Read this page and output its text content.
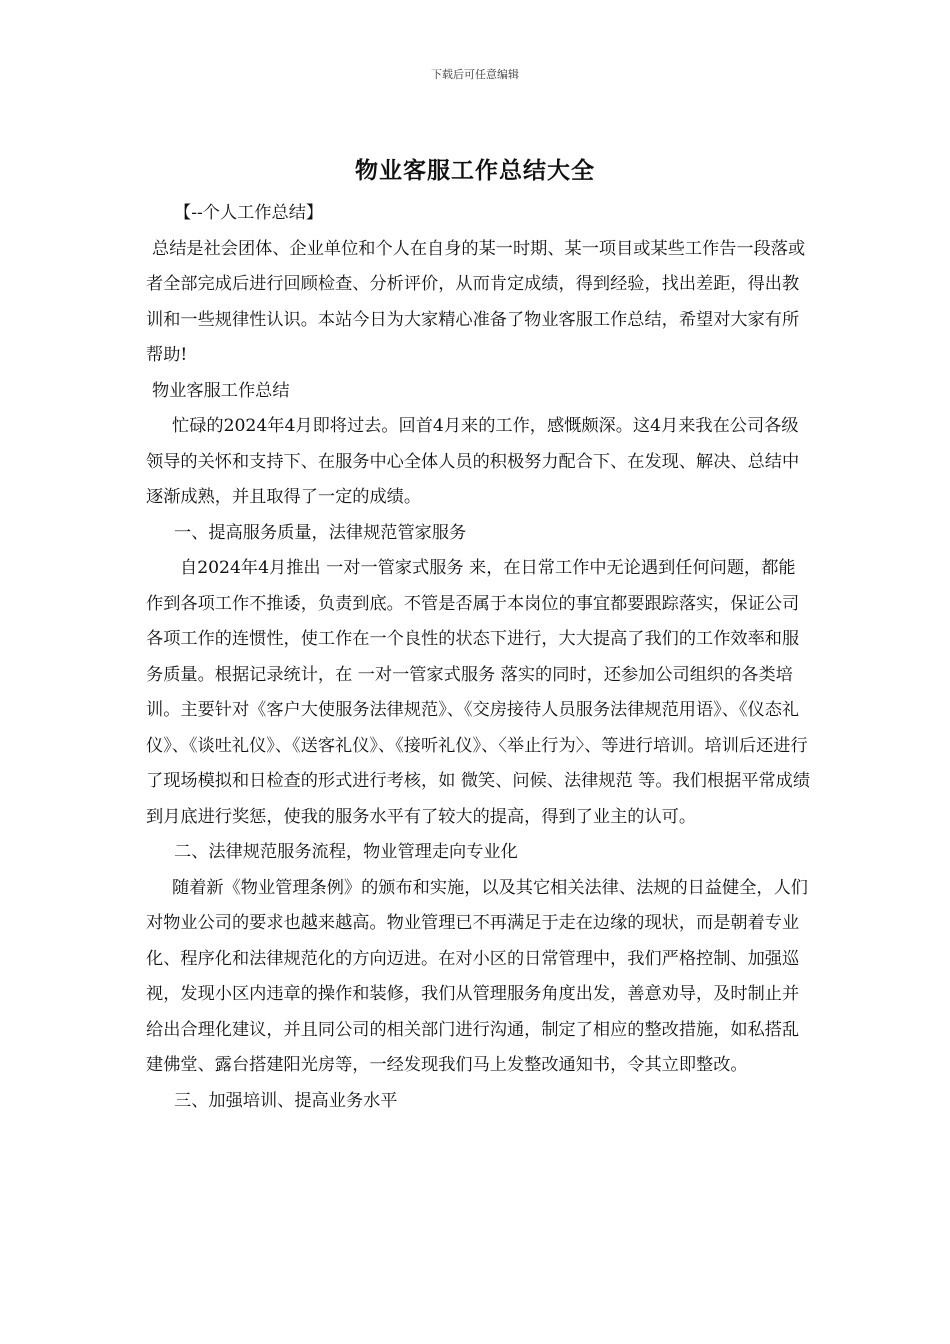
下载后可任意编辑
物业客服工作总结大全

【--个人工作总结】

总结是社会团体、企业单位和个人在自身的某一时期、某一项目或某些工作告一段落或者全部完成后进行回顾检查、分析评价，从而肯定成绩，得到经验，找出差距，得出教训和一些规律性认识。本站今日为大家精心准备了物业客服工作总结，希望对大家有所帮助!

物业客服工作总结

忙碌的2024年4月即将过去。回首4月来的工作，感慨颇深。这4月来我在公司各级领导的关怀和支持下、在服务中心全体人员的积极努力配合下、在发现、解决、总结中逐渐成熟，并且取得了一定的成绩。

一、提高服务质量，法律规范管家服务

自2024年4月推出 一对一管家式服务 来，在日常工作中无论遇到任何问题，都能作到各项工作不推诿，负责到底。不管是否属于本岗位的事宜都要跟踪落实，保证公司各项工作的连惯性，使工作在一个良性的状态下进行，大大提高了我们的工作效率和服务质量。根据记录统计，在 一对一管家式服务 落实的同时，还参加公司组织的各类培训。主要针对《客户大使服务法律规范》、《交房接待人员服务法律规范用语》、《仪态礼仪》、《谈吐礼仪》、《送客礼仪》、《接听礼仪》、〈举止行为〉、等进行培训。培训后还进行了现场模拟和日检查的形式进行考核，如 微笑、问候、法律规范 等。我们根据平常成绩到月底进行奖惩，使我的服务水平有了较大的提高，得到了业主的认可。

二、法律规范服务流程，物业管理走向专业化

随着新《物业管理条例》的颁布和实施，以及其它相关法律、法规的日益健全，人们对物业公司的要求也越来越高。物业管理已不再满足于走在边缘的现状，而是朝着专业化、程序化和法律规范化的方向迈进。在对小区的日常管理中，我们严格控制、加强巡视，发现小区内违章的操作和装修，我们从管理服务角度出发，善意劝导，及时制止并给出合理化建议，并且同公司的相关部门进行沟通，制定了相应的整改措施，如私搭乱建佛堂、露台搭建阳光房等，一经发现我们马上发整改通知书，令其立即整改。

三、加强培训、提高业务水平
